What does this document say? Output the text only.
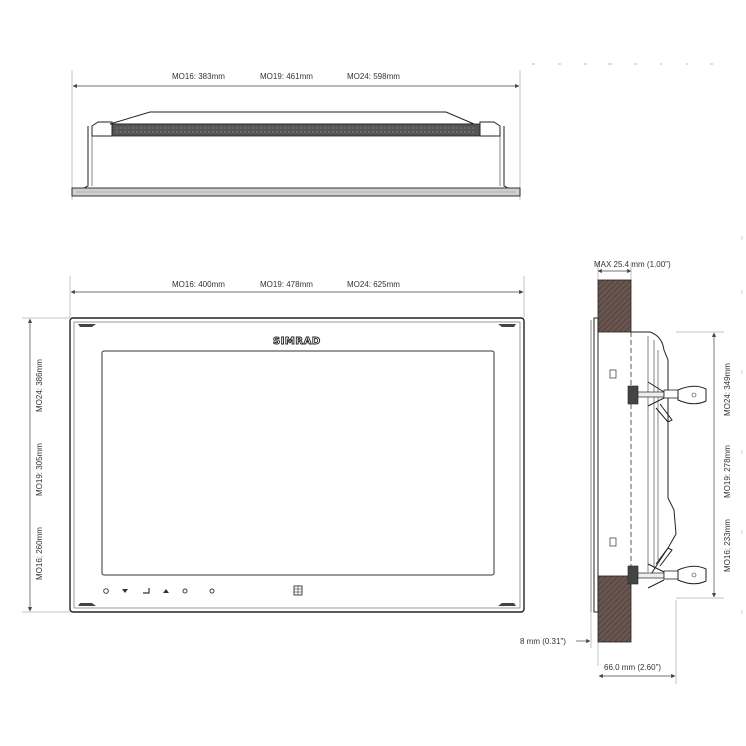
MO16: 383mm	MO19: 461mm	MO24: 598mm
MO16: 400mm	MO19: 478mm	MO24: 625mm
MO24: 386mm
MO19: 305mm
MO16: 260mm
SIMRAD
MAX 25.4 mm (1.00")
MO24: 349mm
MO19: 278mm
MO16: 233mm
8 mm (0.31")
66.0 mm (2.60")
